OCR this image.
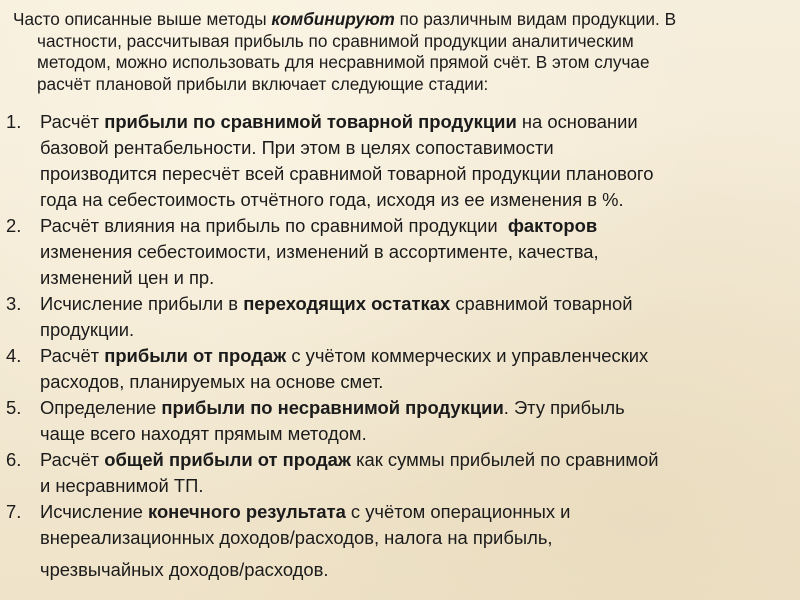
Часто описанные выше методы комбинируют по различным видам продукции. В
частности, рассчитывая прибыль по сравнимой продукции аналитическим
методом, можно использовать для несравнимой прямой счёт. В этом случае
расчёт плановой прибыли включает следующие стадии:

1. Расчёт прибыли по сравнимой товарной продукции на основании
базовой рентабельности. При этом в целях сопоставимости
производится пересчёт всей сравнимой товарной продукции планового
года на себестоимость отчётного года, исходя из ее изменения в %.
2. Расчёт влияния на прибыль по сравнимой продукции  факторов
изменения себестоимости, изменений в ассортименте, качества,
изменений цен и пр.
3. Исчисление прибыли в переходящих остатках сравнимой товарной
продукции.
4. Расчёт прибыли от продаж с учётом коммерческих и управленческих
расходов, планируемых на основе смет.
5. Определение прибыли по несравнимой продукции. Эту прибыль
чаще всего находят прямым методом.
6. Расчёт общей прибыли от продаж как суммы прибылей по сравнимой
и несравнимой ТП.
7. Исчисление конечного результата с учётом операционных и
внереализационных доходов/расходов, налога на прибыль,
чрезвычайных доходов/расходов.
